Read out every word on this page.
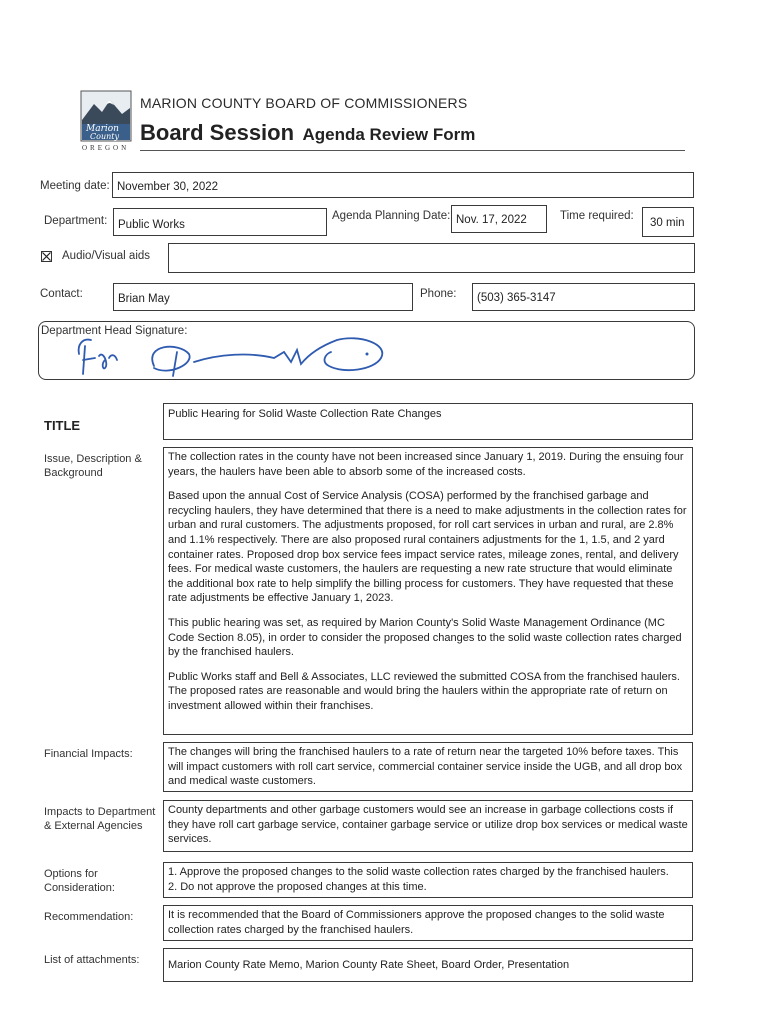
Marion
County
OREGON
MARION COUNTY BOARD OF COMMISSIONERS
Board Session Agenda Review Form
Meeting date: November 30, 2022
Department: Public Works
Agenda Planning Date: Nov. 17, 2022	Time required:
30 min
Audio/Visual aids
Contact:	Brian May	Phone: (503) 365-3147
Department Head Signature:
TITLE
Public Hearing for Solid Waste Collection Rate Changes
Issue, Description & Background

The collection rates in the county have not been increased since January 1, 2019. During the ensuing four years, the haulers have been able to absorb some of the increased costs.

Based upon the annual Cost of Service Analysis (COSA) performed by the franchised garbage and recycling haulers, they have determined that there is a need to make adjustments in the collection rates for urban and rural customers. The adjustments proposed, for roll cart services in urban and rural, are 2.8% and 1.1% respectively. There are also proposed rural containers adjustments for the 1, 1.5, and 2 yard container rates. Proposed drop box service fees impact service rates, mileage zones, rental, and delivery fees. For medical waste customers, the haulers are requesting a new rate structure that would eliminate the additional box rate to help simplify the billing process for customers. They have requested that these rate adjustments be effective January 1, 2023.

This public hearing was set, as required by Marion County's Solid Waste Management Ordinance (MC Code Section 8.05), in order to consider the proposed changes to the solid waste collection rates charged by the franchised haulers.

Public Works staff and Bell & Associates, LLC reviewed the submitted COSA from the franchised haulers. The proposed rates are reasonable and would bring the haulers within the appropriate rate of return on investment allowed within their franchises.

Financial Impacts:	The changes will bring the franchised haulers to a rate of return near the targeted 10% before taxes. This will impact customers with roll cart service, commercial container service inside the UGB, and all drop box and medical waste customers.
Impacts to Department & External Agencies
County departments and other garbage customers would see an increase in garbage collections costs if they have roll cart garbage service, container garbage service or utilize drop box services or medical waste services.
Options for Consideration:
1. Approve the proposed changes to the solid waste collection rates charged by the franchised haulers.
2. Do not approve the proposed changes at this time.
Recommendation:	It is recommended that the Board of Commissioners approve the proposed changes to the solid waste collection rates charged by the franchised haulers.
List of attachments:	Marion County Rate Memo, Marion County Rate Sheet, Board Order, Presentation
